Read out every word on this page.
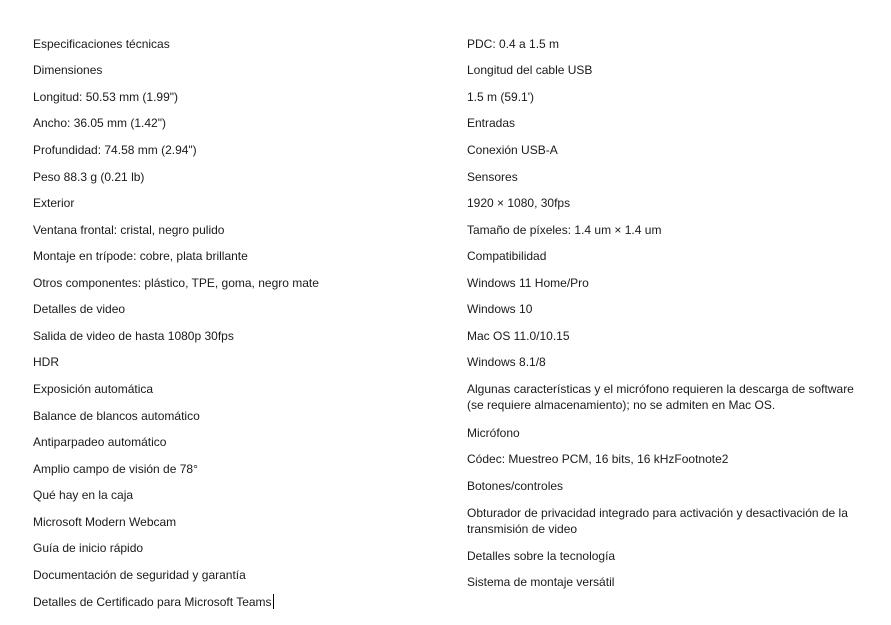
Especificaciones técnicas
Dimensiones
Longitud: 50.53 mm (1.99")
Ancho: 36.05 mm (1.42")
Profundidad: 74.58 mm (2.94")
Peso 88.3 g (0.21 lb)
Exterior
Ventana frontal: cristal, negro pulido
Montaje en trípode: cobre, plata brillante
Otros componentes: plástico, TPE, goma, negro mate
Detalles de video
Salida de video de hasta 1080p 30fps
HDR
Exposición automática
Balance de blancos automático
Antiparpadeo automático
Amplio campo de visión de 78°
Qué hay en la caja
Microsoft Modern Webcam
Guía de inicio rápido
Documentación de seguridad y garantía
Detalles de Certificado para Microsoft Teams
PDC: 0.4 a 1.5 m
Longitud del cable USB
1.5 m (59.1')
Entradas
Conexión USB-A
Sensores
1920 × 1080, 30fps
Tamaño de píxeles: 1.4 um × 1.4 um
Compatibilidad
Windows 11 Home/Pro
Windows 10
Mac OS 11.0/10.15
Windows 8.1/8
Algunas características y el micrófono requieren la descarga de software (se requiere almacenamiento); no se admiten en Mac OS.
Micrófono
Códec: Muestreo PCM, 16 bits, 16 kHzFootnote2
Botones/controles
Obturador de privacidad integrado para activación y desactivación de la transmisión de video
Detalles sobre la tecnología
Sistema de montaje versátil
